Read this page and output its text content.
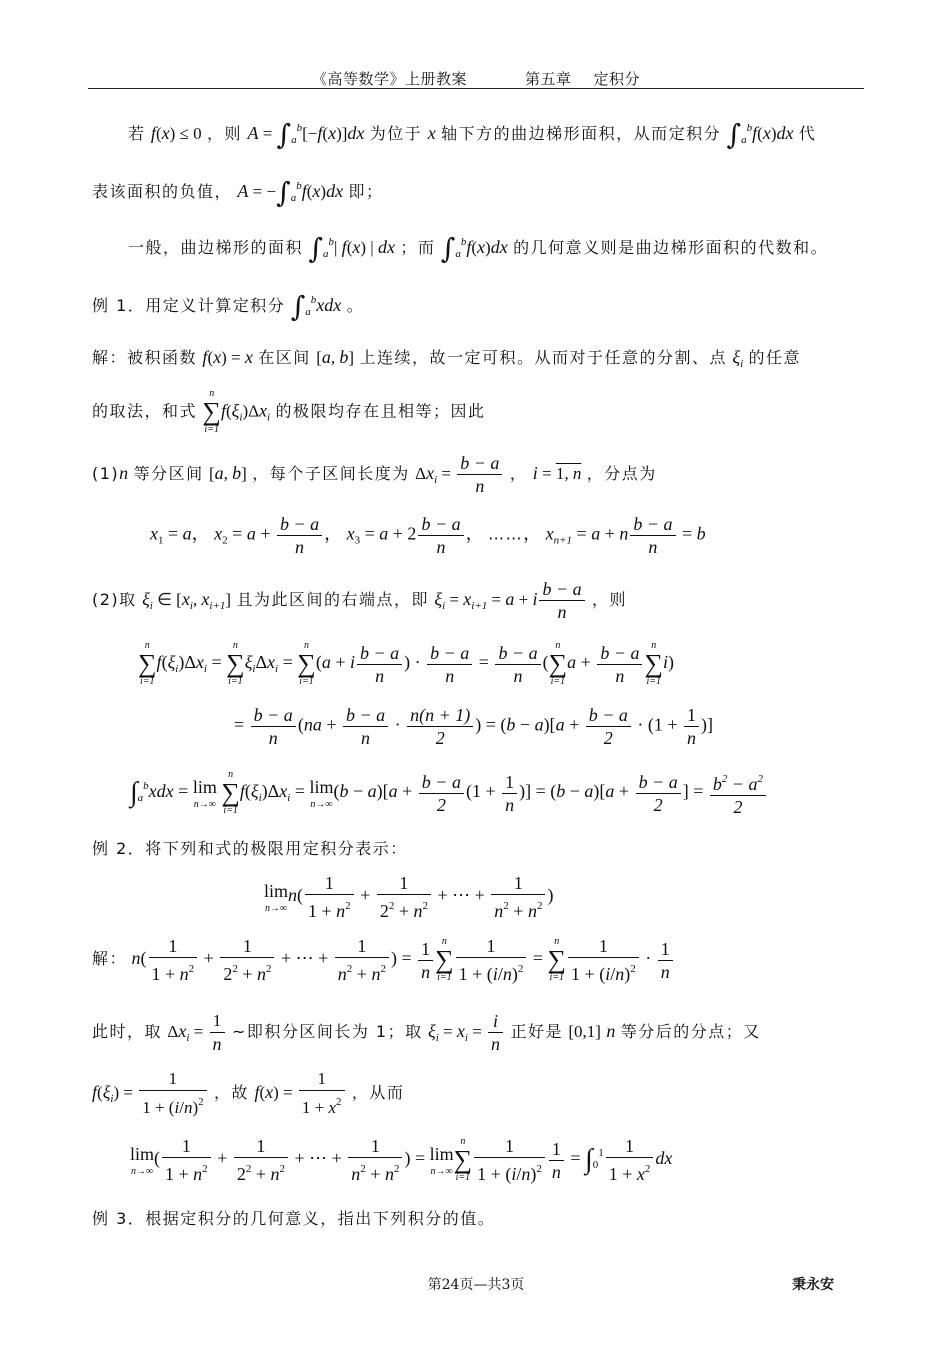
《高等数学》上册教案	第五章 定积分
若 f(x) ≤ 0 ，则 $A = \int_a^b[-f(x)]dx$ 为位于 x 轴下方的曲边梯形面积，从而定积分 $\int_a^bf(x)dx$ 代
表该面积的负值， $A = -\int_a^bf(x)dx$ 即；
一般，曲边梯形的面积 $\int_a^b|$ f(x) | dx ；而 $\int_a^bf(x)dx$ 的几何意义则是曲边梯形面积的代数和。
例 1．用定义计算定积分 $\int_a^bxdx$ 。
解：被积函数 f(x) = x 在区间 [a, b] 上连续，故一定可积。从而对于任意的分割、点 $\xi_i$ 的任意
的取法，和式
n
∑
i=1
$f(\xi_i)\Delta x_i$ 的极限均存在且相等；因此
(1)n 等分区间 [a, b] ，每个子区间长度为 $\Delta x_i = \frac{b - a}{n}$ ， i = 1, n ，分点为
$x_1 = a$， $x_2 = a + \frac{b - a}{n}$ ， $x_3 = a + 2 \frac{b - a}{n}$ ， ……， $x_{n+1} = a + n \frac{b - a}{n} = b$
(2)取 $\xi_i$ ∈ [$x_i$, $x_{i+1}$] 且为此区间的右端点，即 $\xi_i = x_{i+1} = a + i \frac{b - a}{n}$ ，则
n
∑
i=1
$f(\xi_i)\Delta x_i$ =
n
∑
i=1
$\xi_i\Delta x_i$ =
n
∑
i=1
(a + i $\frac{b - a}{n}$ ) · $\frac{b - a}{n} = \frac{b - a}{n}$ (
n
∑
i=1
$a + \frac{b - a}{n}$ n
∑
i=1
i)
= $\frac{b - a}{n} (na + \frac{b - a}{n} \cdot \frac{n(n + 1)}{2}$ ) = $(b - a)[a + \frac{b - a}{2} \cdot (1 + \frac{1}{n}$ )]
$\int_a^bxdx = \lim$
n→∞

n
∑
i=1
$f(\xi_i)\Delta x_i = \lim$
n→∞
$(b - a)[a + \frac{b - a}{2} (1 + \frac{1}{n}$ )] = $(b - a)[a + \frac{b - a}{2}$ ] = $\frac{b^2 - a^2}{2}$
例 2．将下列和式的极限用定积分表示：
lim
n→∞
$n( \frac{1}{1 + n^2} + \frac{1}{2^2 + n^2}$ + ⋯ + $\frac{1}{n^2 + n^2}$ )
解： $n( \frac{1}{1 + n^2} + \frac{1}{2^2 + n^2}$ + ⋯ + $\frac{1}{n^2 + n^2}$ ) = $\frac{1}{n}$ n
∑
$i=1 \frac{1}{1 + (i/n)^2}$ =
n
∑
$i=1 \frac{1}{1 + (i/n)^2} \cdot \frac{1}{n}$
此时，取 $\Delta x_i = \frac{1}{n}$ ~即积分区间长为 1；取 $\xi_i = x_i = \frac{i}{n}$ 正好是 [0,1] n 等分后的分点；又
$f(\xi_i) = \frac{1}{1 + (i/n)^2}$ ，故 $f(x) = \frac{1}{1 + x^2}$ ，从而
lim
n→∞
( $\frac{1}{1 + n^2} + \frac{1}{2^2 + n^2}$ + ⋯ + $\frac{1}{n^2 + n^2}$ ) = lim
n→∞
n
∑
$i=1 \frac{1}{1 + (i/n)^2} \frac{1}{n} = \int_0^1 \frac{1}{1 + x^2}$ dx
例 3．根据定积分的几何意义，指出下列积分的值。
第24页—共3页	秉永安
